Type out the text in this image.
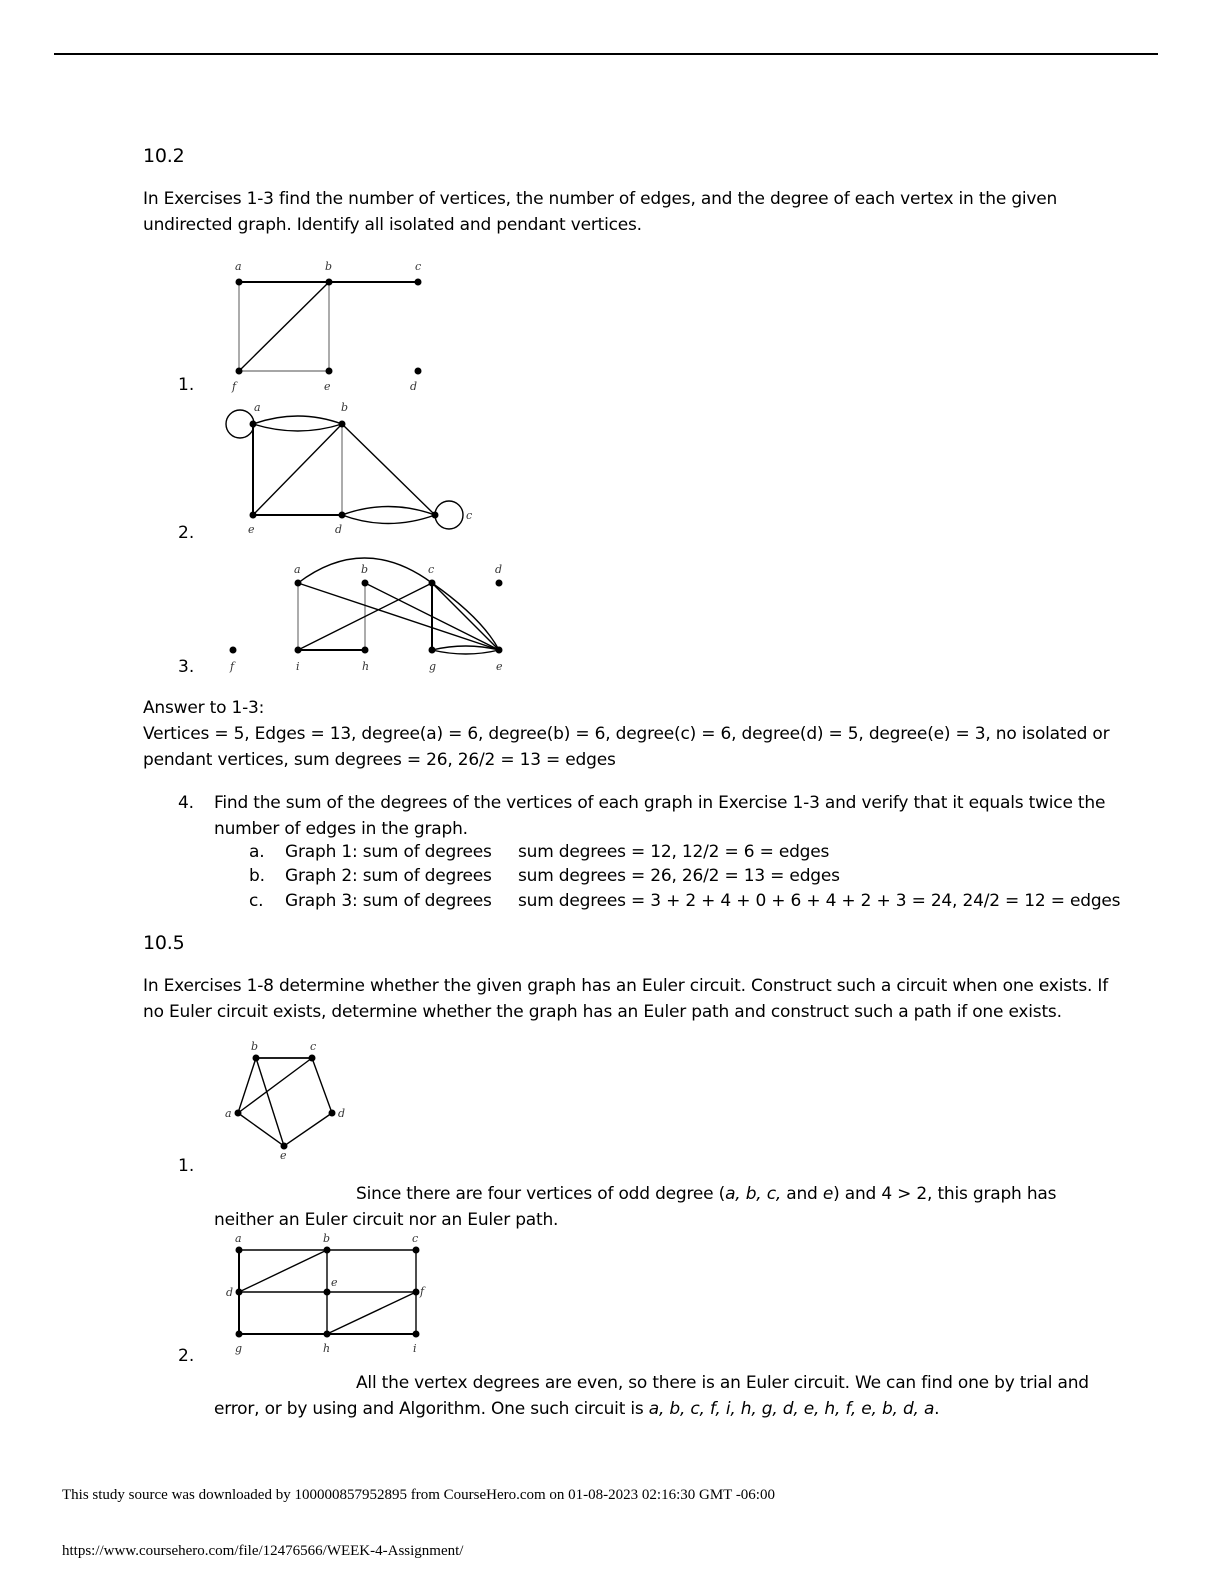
10.2
In Exercises 1-3 find the number of vertices, the number of edges, and the degree of each vertex in the given
undirected graph. Identify all isolated and pendant vertices.
1.
a	b	c
f	e	d
2.
a	b
c
e	d
3.
a	b	c	d
f	i	h	g	e
Answer to 1-3:
Vertices = 5, Edges = 13, degree(a) = 6, degree(b) = 6, degree(c) = 6, degree(d) = 5, degree(e) = 3, no isolated or
pendant vertices, sum degrees = 26, 26/2 = 13 = edges
4. Find the sum of the degrees of the vertices of each graph in Exercise 1-3 and verify that it equals twice the
number of edges in the graph.
a. Graph 1: sum of degrees sum degrees = 12, 12/2 = 6 = edges
b. Graph 2: sum of degrees sum degrees = 26, 26/2 = 13 = edges
c. Graph 3: sum of degrees sum degrees = 3 + 2 + 4 + 0 + 6 + 4 + 2 + 3 = 24, 24/2 = 12 = edges
10.5
In Exercises 1-8 determine whether the given graph has an Euler circuit. Construct such a circuit when one exists. If
no Euler circuit exists, determine whether the graph has an Euler path and construct such a path if one exists.
1.
b	c
a	d
e
Since there are four vertices of odd degree (a, b, c, and e) and 4 > 2, this graph has
neither an Euler circuit nor an Euler path.
2.
a	b	c
d
e
f
g	h	i
All the vertex degrees are even, so there is an Euler circuit. We can find one by trial and
error, or by using and Algorithm. One such circuit is a, b, c, f, i, h, g, d, e, h, f, e, b, d, a.
This study source was downloaded by 100000857952895 from CourseHero.com on 01-08-2023 02:16:30 GMT -06:00
https://www.coursehero.com/file/12476566/WEEK-4-Assignment/
